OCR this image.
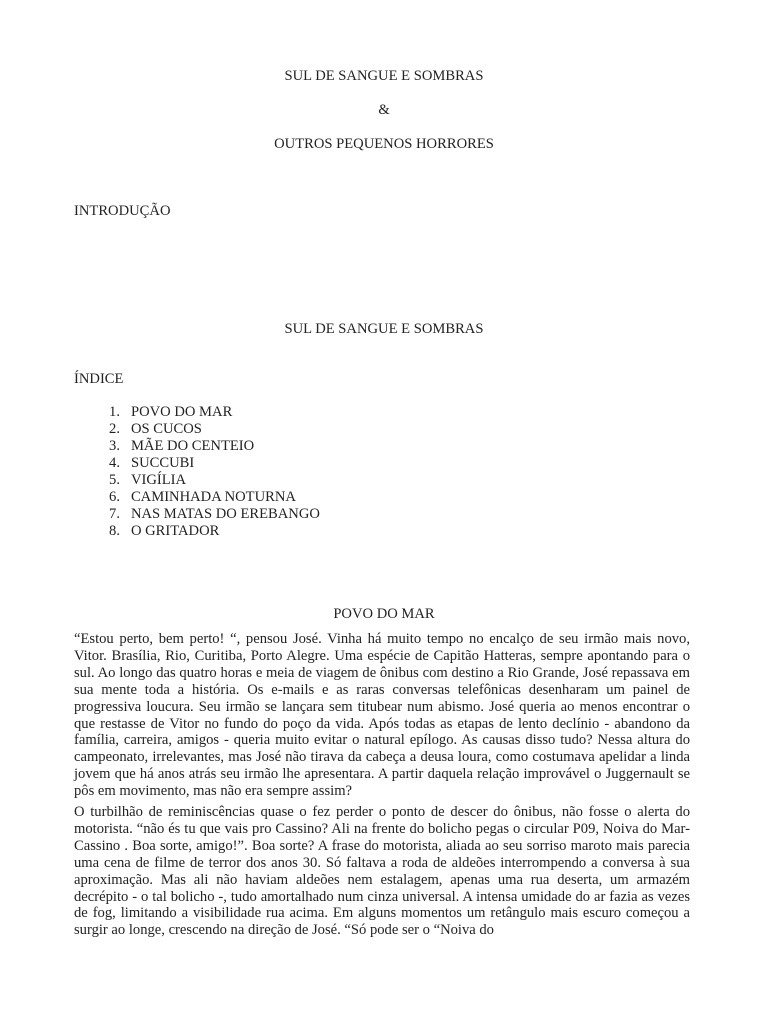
SUL DE SANGUE E SOMBRAS
&
OUTROS PEQUENOS HORRORES
INTRODUÇÃO
SUL DE SANGUE E SOMBRAS
ÍNDICE
1. POVO DO MAR
2. OS CUCOS
3. MÃE DO CENTEIO
4. SUCCUBI
5. VIGÍLIA
6. CAMINHADA NOTURNA
7. NAS MATAS DO EREBANGO
8. O GRITADOR
POVO DO MAR

“Estou perto, bem perto! “, pensou José. Vinha há muito tempo no encalço de seu irmão mais novo, Vitor. Brasília, Rio, Curitiba, Porto Alegre. Uma espécie de Capitão Hatteras, sempre apontando para o sul. Ao longo das quatro horas e meia de viagem de ônibus com destino a Rio Grande, José repassava em sua mente toda a história. Os e-mails e as raras conversas telefônicas desenharam um painel de progressiva loucura. Seu irmão se lançara sem titubear num abismo. José queria ao menos encontrar o que restasse de Vitor no fundo do poço da vida. Após todas as etapas de lento declínio - abandono da família, carreira, amigos - queria muito evitar o natural epílogo. As causas disso tudo? Nessa altura do campeonato, irrelevantes, mas José não tirava da cabeça a deusa loura, como costumava apelidar a linda jovem que há anos atrás seu irmão lhe apresentara. A partir daquela relação improvável o Juggernault se pôs em movimento, mas não era sempre assim?

O turbilhão de reminiscências quase o fez perder o ponto de descer do ônibus, não fosse o alerta do motorista. “não és tu que vais pro Cassino? Ali na frente do bolicho pegas o circular P09, Noiva do Mar-Cassino . Boa sorte, amigo!”. Boa sorte? A frase do motorista, aliada ao seu sorriso maroto mais parecia uma cena de filme de terror dos anos 30. Só faltava a roda de aldeões interrompendo a conversa à sua aproximação. Mas ali não haviam aldeões nem estalagem, apenas uma rua deserta, um armazém decrépito - o tal bolicho -, tudo amortalhado num cinza universal. A intensa umidade do ar fazia as vezes de fog, limitando a visibilidade rua acima. Em alguns momentos um retângulo mais escuro começou a surgir ao longe, crescendo na direção de José. “Só pode ser o “Noiva do
